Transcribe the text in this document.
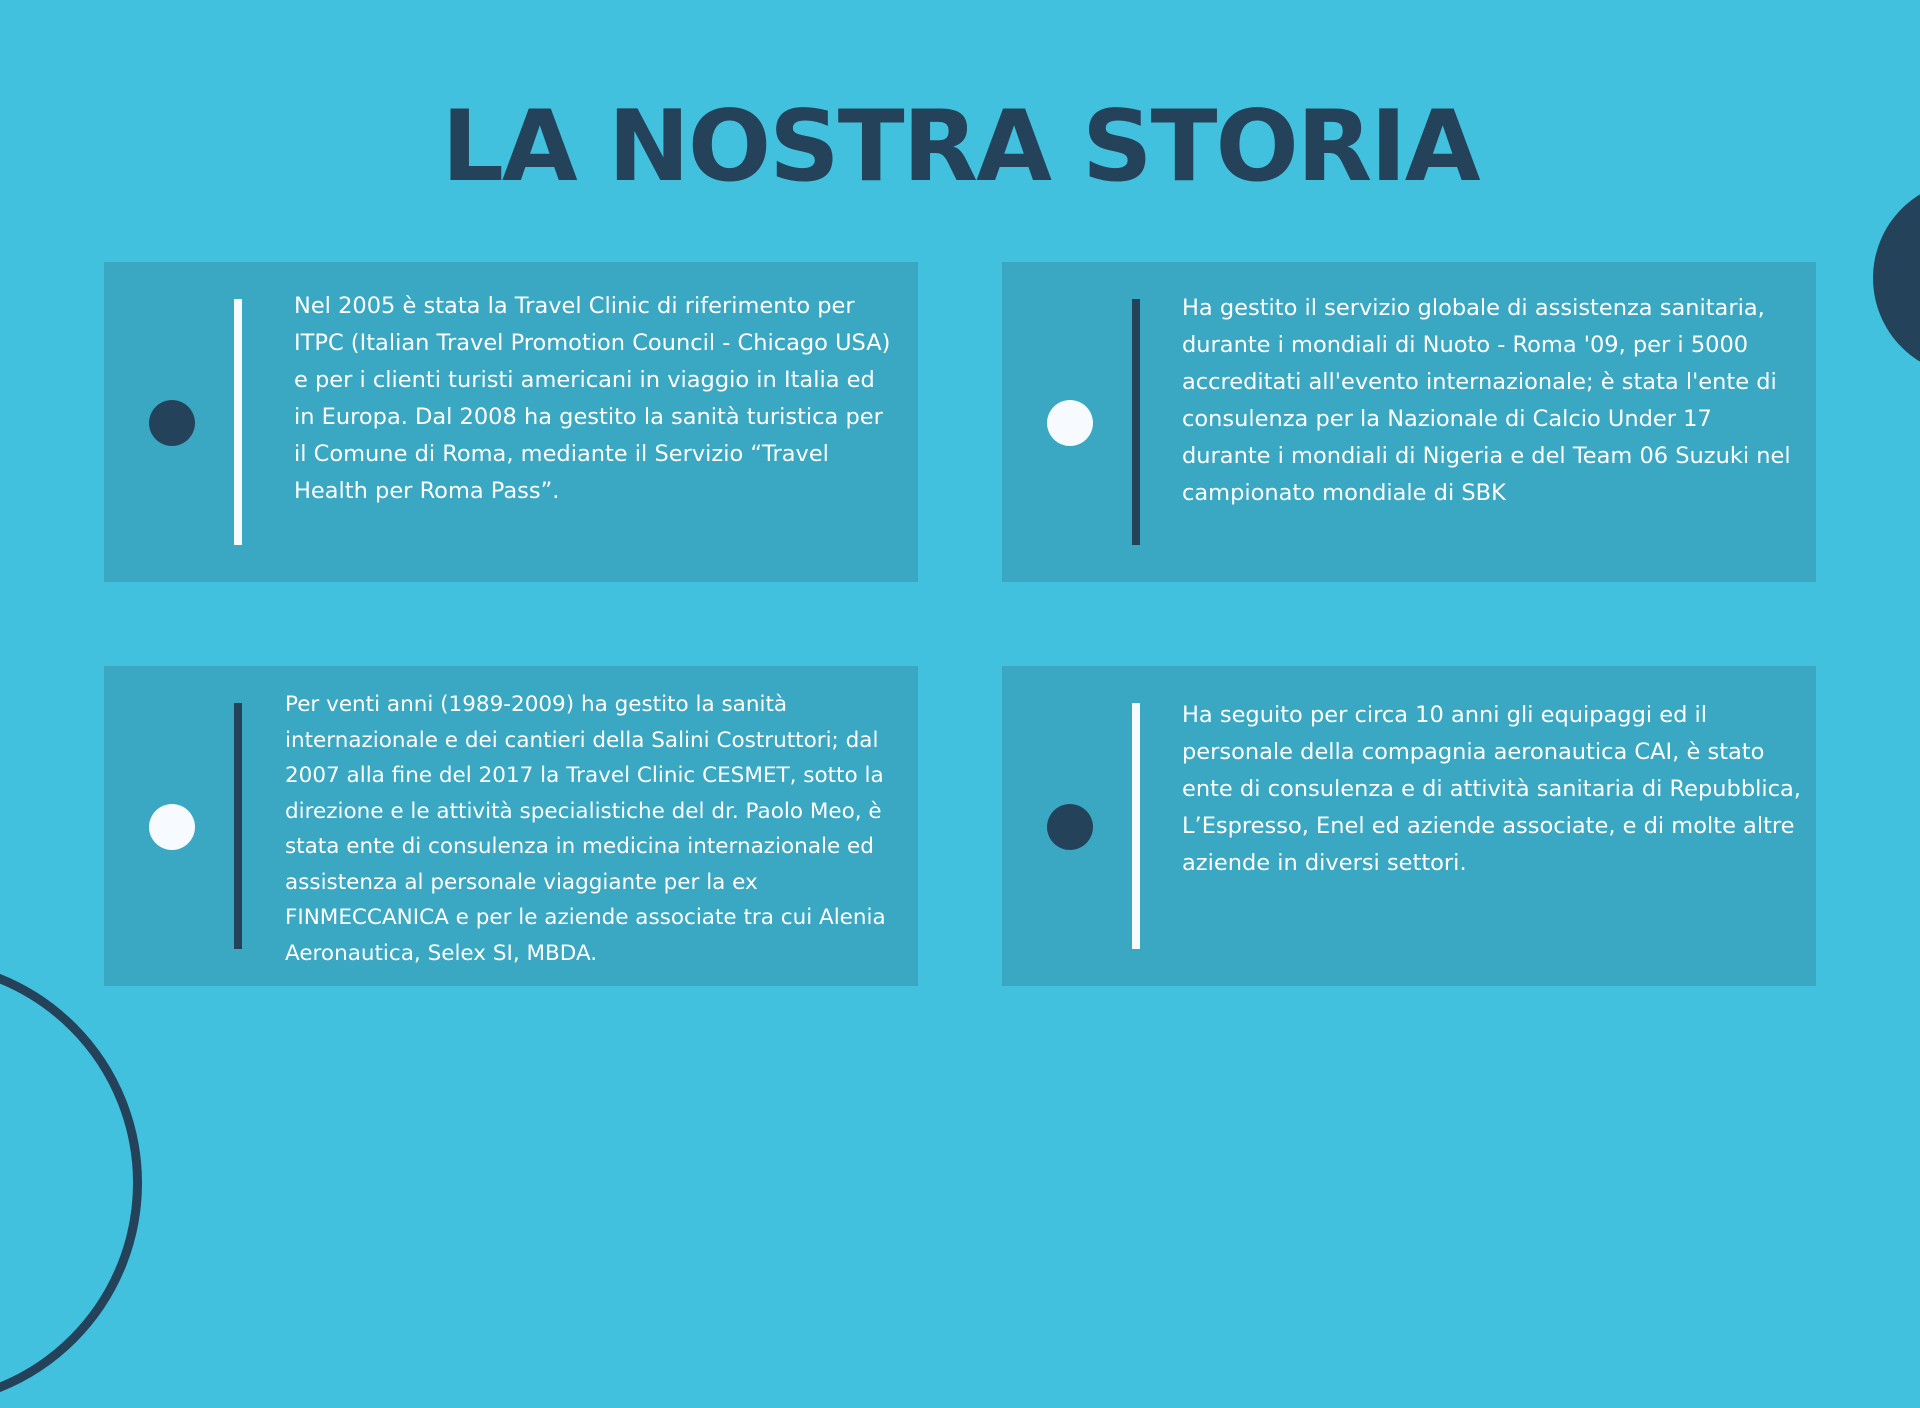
LA NOSTRA STORIA
Nel 2005 è stata la Travel Clinic di riferimento per ITPC (Italian Travel Promotion Council - Chicago USA) e per i clienti turisti americani in viaggio in Italia ed in Europa. Dal 2008 ha gestito la sanità turistica per il Comune di Roma, mediante il Servizio “Travel Health per Roma Pass”.
Ha gestito il servizio globale di assistenza sanitaria, durante i mondiali di Nuoto - Roma '09, per i 5000 accreditati all'evento internazionale; è stata l'ente di consulenza per la Nazionale di Calcio Under 17 durante i mondiali di Nigeria e del Team 06 Suzuki nel campionato mondiale di SBK
Per venti anni (1989-2009) ha gestito la sanità internazionale e dei cantieri della Salini Costruttori; dal 2007 alla fine del 2017 la Travel Clinic CESMET, sotto la direzione e le attività specialistiche del dr. Paolo Meo, è stata ente di consulenza in medicina internazionale ed assistenza al personale viaggiante per la ex FINMECCANICA e per le aziende associate tra cui Alenia Aeronautica, Selex SI, MBDA.
Ha seguito per circa 10 anni gli equipaggi ed il personale della compagnia aeronautica CAI, è stato ente di consulenza e di attività sanitaria di Repubblica, L’Espresso, Enel ed aziende associate, e di molte altre aziende in diversi settori.
